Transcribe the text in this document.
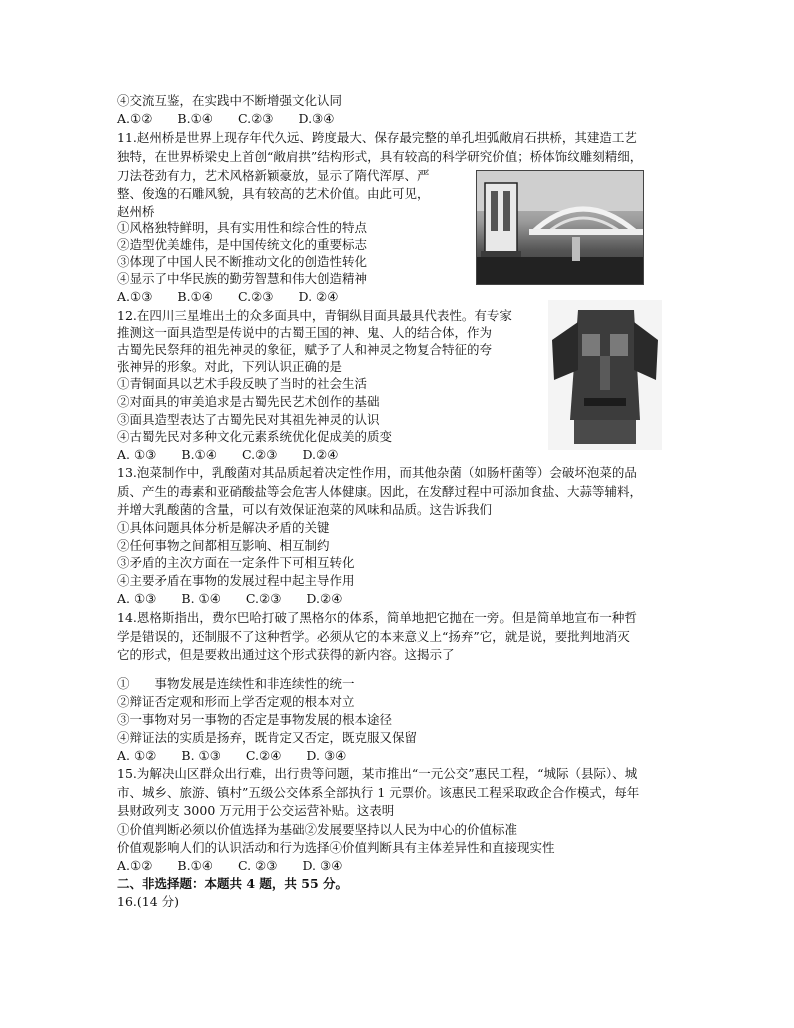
④交流互鉴，在实践中不断增强文化认同
A.①②　　B.①④　　C.②③　　D.③④
11.赵州桥是世界上现存年代久远、跨度最大、保存最完整的单孔坦弧敞肩石拱桥，其建造工艺
独特，在世界桥梁史上首创“敞肩拱”结构形式，具有较高的科学研究价值；桥体饰纹雕刻精细，
刀法苍劲有力，艺术风格新颖豪放，显示了隋代浑厚、严
整、俊逸的石雕风貌，具有较高的艺术价值。由此可见，
赵州桥
①风格独特鲜明，具有实用性和综合性的特点
②造型优美雄伟，是中国传统文化的重要标志
③体现了中国人民不断推动文化的创造性转化
④显示了中华民族的勤劳智慧和伟大创造精神
A.①③　　B.①④　　C.②③　　D. ②④
12.在四川三星堆出土的众多面具中，青铜纵目面具最具代表性。有专家
推测这一面具造型是传说中的古蜀王国的神、鬼、人的结合体，作为
古蜀先民祭拜的祖先神灵的象征，赋予了人和神灵之物复合特征的夸
张神异的形象。对此，下列认识正确的是
①青铜面具以艺术手段反映了当时的社会生活
②对面具的审美追求是古蜀先民艺术创作的基础
③面具造型表达了古蜀先民对其祖先神灵的认识
④古蜀先民对多种文化元素系统优化促成美的质变
A. ①③　　B.①④　　C.②③　　D.②④
13.泡菜制作中，乳酸菌对其品质起着决定性作用，而其他杂菌（如肠杆菌等）会破坏泡菜的品
质、产生的毒素和亚硝酸盐等会危害人体健康。因此，在发酵过程中可添加食盐、大蒜等辅料，
并增大乳酸菌的含量，可以有效保证泡菜的风味和品质。这告诉我们
①具体问题具体分析是解决矛盾的关键
②任何事物之间都相互影响、相互制约
③矛盾的主次方面在一定条件下可相互转化
④主要矛盾在事物的发展过程中起主导作用
A. ①③　　B. ①④　　C.②③　　D.②④
14.恩格斯指出，费尔巴哈打破了黑格尔的体系，简单地把它抛在一旁。但是简单地宣布一种哲
学是错误的，还制服不了这种哲学。必须从它的本来意义上“扬弃”它，就是说，要批判地消灭
它的形式，但是要救出通过这个形式获得的新内容。这揭示了
①　　事物发展是连续性和非连续性的统一
②辩证否定观和形而上学否定观的根本对立
③一事物对另一事物的否定是事物发展的根本途径
④辩证法的实质是扬弃，既肯定又否定，既克服又保留
A. ①②　　B. ①③　　C.②④　　D. ③④
15.为解决山区群众出行难，出行贵等问题，某市推出“一元公交”惠民工程，“城际（县际）、城
市、城乡、旅游、镇村”五级公交体系全部执行 1 元票价。该惠民工程采取政企合作模式，每年
县财政列支 3000 万元用于公交运营补贴。这表明
①价值判断必须以价值选择为基础②发展要坚持以人民为中心的价值标准
价值观影响人们的认识活动和行为选择④价值判断具有主体差异性和直接现实性
A.①②　　B.①④　　C. ②③　　D. ③④
二、非选择题：本题共 4 题，共 55 分。
16.(14 分)
